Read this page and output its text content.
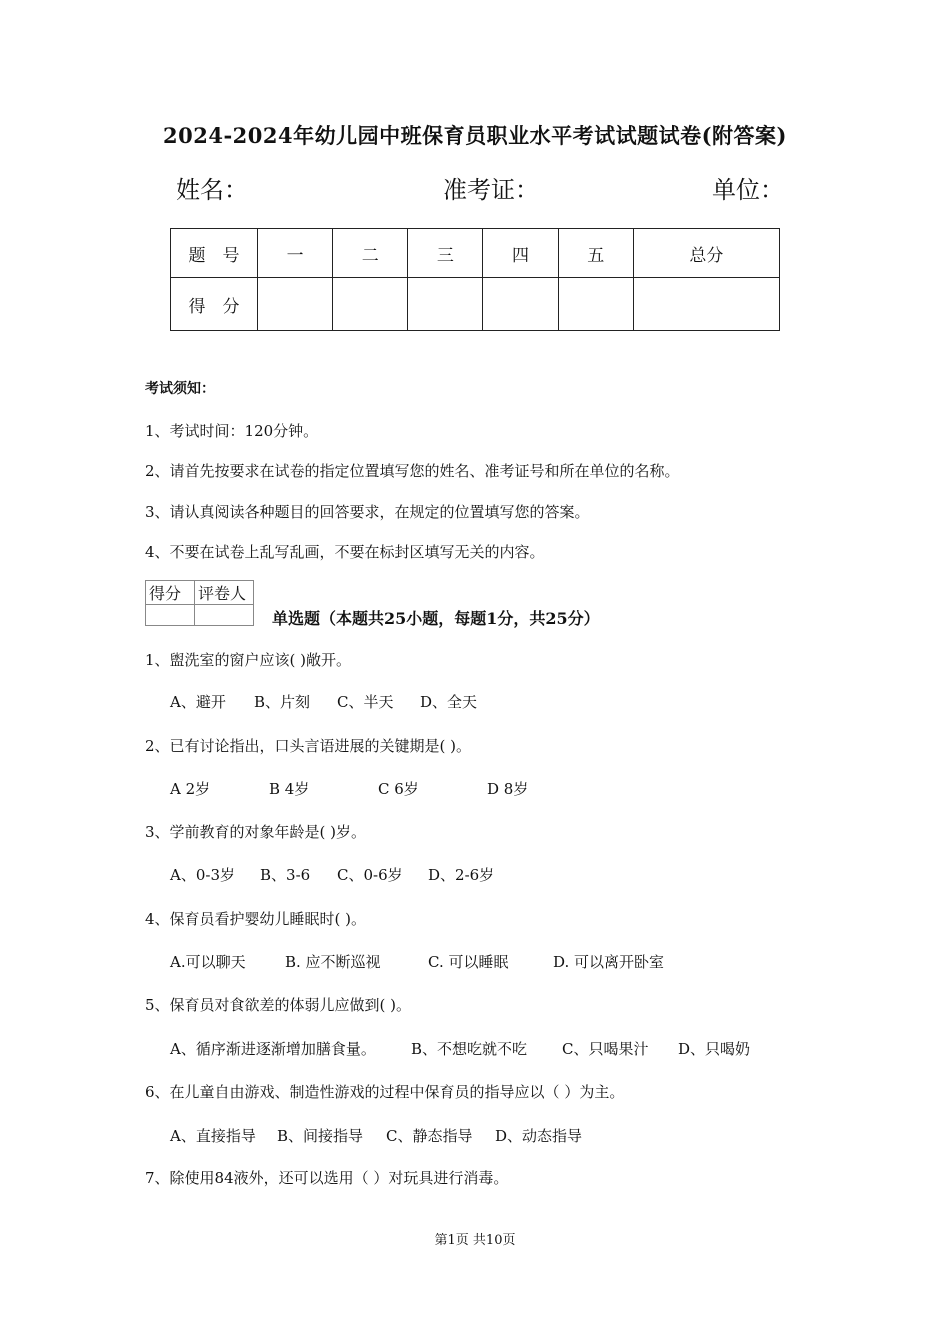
2024-2024年幼儿园中班保育员职业水平考试试题试卷(附答案)
姓名：	准考证：	单位：
题　号	一	二	三	四	五	总分
得　分						
考试须知：
1、考试时间：120分钟。
2、请首先按要求在试卷的指定位置填写您的姓名、准考证号和所在单位的名称。
3、请认真阅读各种题目的回答要求，在规定的位置填写您的答案。
4、不要在试卷上乱写乱画，不要在标封区填写无关的内容。
得分	评卷人

单选题（本题共25小题，每题1分，共25分）
1、盥洗室的窗户应该( )敞开。
A、避开 B、片刻 C、半天 D、全天
2、已有讨论指出，口头言语进展的关键期是( )。
A 2岁	B 4岁	C 6岁	D 8岁
3、学前教育的对象年龄是( )岁。
A、0-3岁 B、3-6 C、0-6岁 D、2-6岁
4、保育员看护婴幼儿睡眠时( )。
A.可以聊天	B. 应不断巡视	C. 可以睡眠	D. 可以离开卧室
5、保育员对食欲差的体弱儿应做到( )。
A、循序渐进逐渐增加膳食量。 B、不想吃就不吃 C、只喝果汁 D、只喝奶
6、在儿童自由游戏、制造性游戏的过程中保育员的指导应以（ ）为主。
A、直接指导 B、间接指导 C、静态指导 D、动态指导
7、除使用84液外，还可以选用（ ）对玩具进行消毒。
第1页 共10页
